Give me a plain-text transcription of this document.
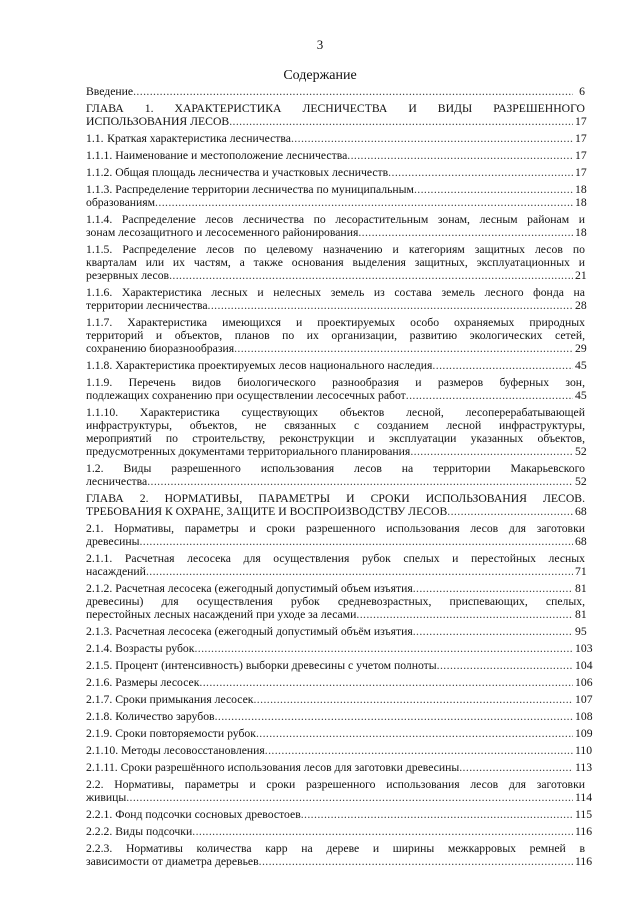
3
Содержание
Введение .....	6
ГЛАВА 1. ХАРАКТЕРИСТИКА ЛЕСНИЧЕСТВА И ВИДЫ РАЗРЕШЕННОГО
ИСПОЛЬЗОВАНИЯ ЛЕСОВ .....	17
1.1. Краткая характеристика лесничества .....	17
1.1.1. Наименование и местоположение лесничества .....	17
1.1.2. Общая площадь лесничества и участковых лесничеств .....	17
1.1.3. Распределение территории лесничества по муниципальным .....	18
образованиям .....	18
1.1.4. Распределение лесов лесничества по лесорастительным зонам, лесным районам и
зонам лесозащитного и лесосеменного районирования .....	18
1.1.5. Распределение лесов по целевому назначению и категориям защитных лесов по
кварталам или их частям, а также основания выделения защитных, эксплуатационных и
резервных лесов .....	21
1.1.6. Характеристика лесных и нелесных земель из состава земель лесного фонда на
территории лесничества .....	28
1.1.7. Характеристика имеющихся и проектируемых особо охраняемых природных
территорий и объектов, планов по их организации, развитию экологических сетей,
сохранению биоразнообразия .....	29
1.1.8. Характеристика проектируемых лесов национального наследия .....	45
1.1.9. Перечень видов биологического разнообразия и размеров буферных зон,
подлежащих сохранению при осуществлении лесосечных работ .....	45
1.1.10. Характеристика существующих объектов лесной, лесоперерабатывающей
инфраструктуры, объектов, не связанных с созданием лесной инфраструктуры,
мероприятий по строительству, реконструкции и эксплуатации указанных объектов,
предусмотренных документами территориального планирования .....	52
1.2. Виды разрешенного использования лесов на территории Макарьевского
лесничества .....	52
ГЛАВА 2. НОРМАТИВЫ, ПАРАМЕТРЫ И СРОКИ ИСПОЛЬЗОВАНИЯ ЛЕСОВ.
ТРЕБОВАНИЯ К ОХРАНЕ, ЗАЩИТЕ И ВОСПРОИЗВОДСТВУ ЛЕСОВ .....	68
2.1. Нормативы, параметры и сроки разрешенного использования лесов для заготовки
древесины .....	68
2.1.1. Расчетная лесосека для осуществления рубок спелых и перестойных лесных
насаждений .....	71
2.1.2. Расчетная лесосека (ежегодный допустимый объем изъятия .....	81
древесины) для осуществления рубок средневозрастных, приспевающих, спелых,
перестойных лесных насаждений при уходе за лесами .....	81
2.1.3. Расчетная лесосека (ежегодный допустимый объём изъятия .....	95
2.1.4. Возрасты рубок .....	103
2.1.5. Процент (интенсивность) выборки древесины с учетом полноты .....	104
2.1.6. Размеры лесосек .....	106
2.1.7. Сроки примыкания лесосек .....	107
2.1.8. Количество зарубов .....	108
2.1.9. Сроки повторяемости рубок .....	109
2.1.10. Методы лесовосстановления .....	110
2.1.11. Сроки разрешённого использования лесов для заготовки древесины .....	113
2.2. Нормативы, параметры и сроки разрешенного использования лесов для заготовки
живицы .....	114
2.2.1. Фонд подсочки сосновых древостоев .....	115
2.2.2. Виды подсочки .....	116
2.2.3. Нормативы количества карр на дереве и ширины межкарровых ремней в
зависимости от диаметра деревьев .....	116
